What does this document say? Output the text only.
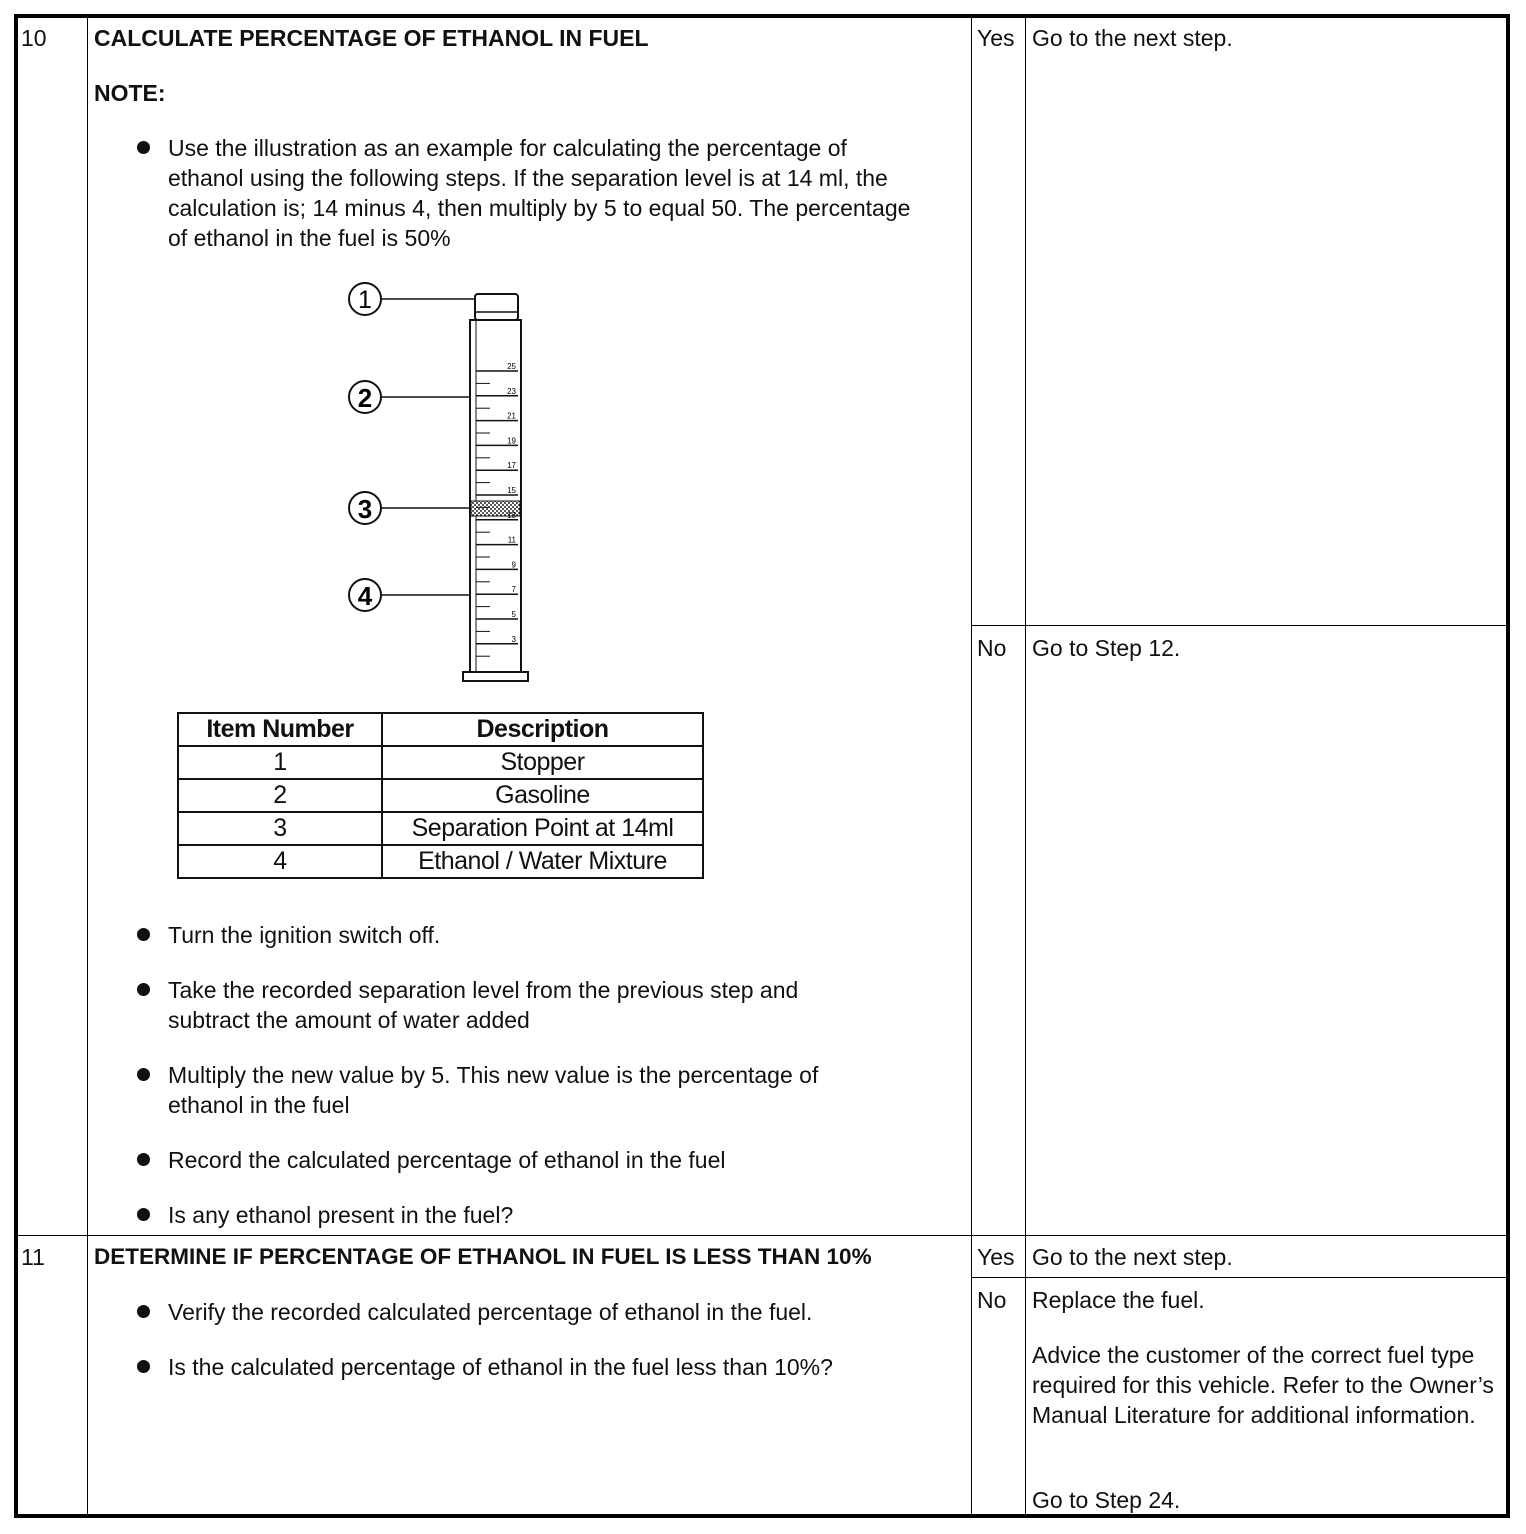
10 CALCULATE PERCENTAGE OF ETHANOL IN FUEL
NOTE:
Use the illustration as an example for calculating the percentage of ethanol using the following steps. If the separation level is at 14 ml, the calculation is; 14 minus 4, then multiply by 5 to equal 50. The percentage of ethanol in the fuel is 50%
25
23
21
19
17
15
13
11
9
7
5
3
1
2
3
4
Item Number	Description
1	Stopper
2	Gasoline
3	Separation Point at 14ml
4	Ethanol / Water Mixture
Turn the ignition switch off.
Take the recorded separation level from the previous step and subtract the amount of water added
Multiply the new value by 5. This new value is the percentage of ethanol in the fuel
Record the calculated percentage of ethanol in the fuel
Is any ethanol present in the fuel?
Yes Go to the next step.
No Go to Step 12.
11 DETERMINE IF PERCENTAGE OF ETHANOL IN FUEL IS LESS THAN 10%
Verify the recorded calculated percentage of ethanol in the fuel.
Is the calculated percentage of ethanol in the fuel less than 10%?
Yes Go to the next step.
No Replace the fuel.
Advice the customer of the correct fuel type required for this vehicle. Refer to the Owner’s Manual Literature for additional information.
Go to Step 24.
